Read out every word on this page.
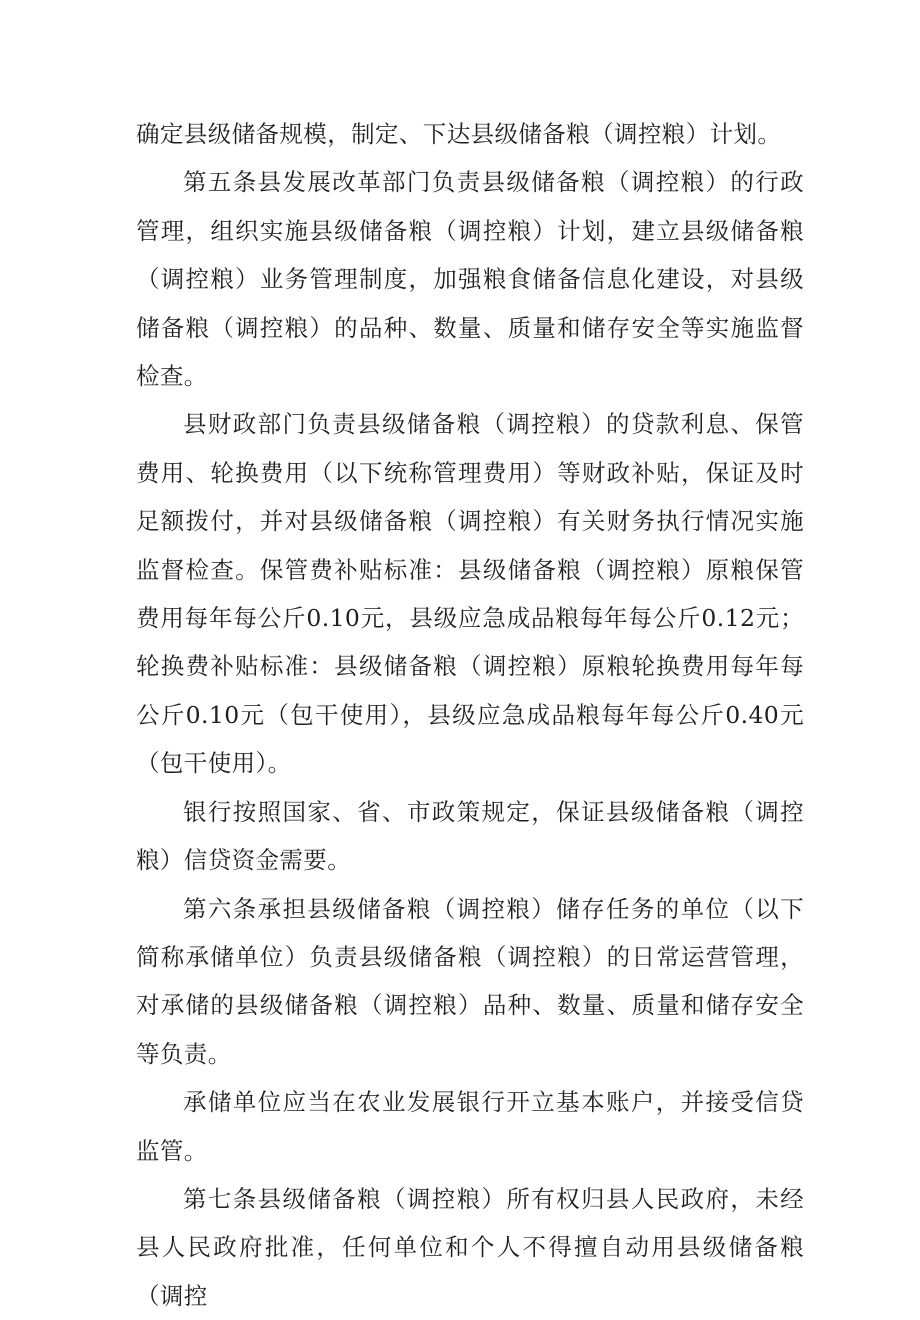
确定县级储备规模，制定、下达县级储备粮（调控粮）计划。

第五条县发展改革部门负责县级储备粮（调控粮）的行政管理，组织实施县级储备粮（调控粮）计划，建立县级储备粮（调控粮）业务管理制度，加强粮食储备信息化建设，对县级储备粮（调控粮）的品种、数量、质量和储存安全等实施监督检查。

县财政部门负责县级储备粮（调控粮）的贷款利息、保管费用、轮换费用（以下统称管理费用）等财政补贴，保证及时足额拨付，并对县级储备粮（调控粮）有关财务执行情况实施监督检查。保管费补贴标准：县级储备粮（调控粮）原粮保管费用每年每公斤0.10元，县级应急成品粮每年每公斤0.12元；轮换费补贴标准：县级储备粮（调控粮）原粮轮换费用每年每公斤0.10元（包干使用），县级应急成品粮每年每公斤0.40元（包干使用）。

银行按照国家、省、市政策规定，保证县级储备粮（调控粮）信贷资金需要。

第六条承担县级储备粮（调控粮）储存任务的单位（以下简称承储单位）负责县级储备粮（调控粮）的日常运营管理，对承储的县级储备粮（调控粮）品种、数量、质量和储存安全等负责。

承储单位应当在农业发展银行开立基本账户，并接受信贷监管。

第七条县级储备粮（调控粮）所有权归县人民政府，未经县人民政府批准，任何单位和个人不得擅自动用县级储备粮（调控
